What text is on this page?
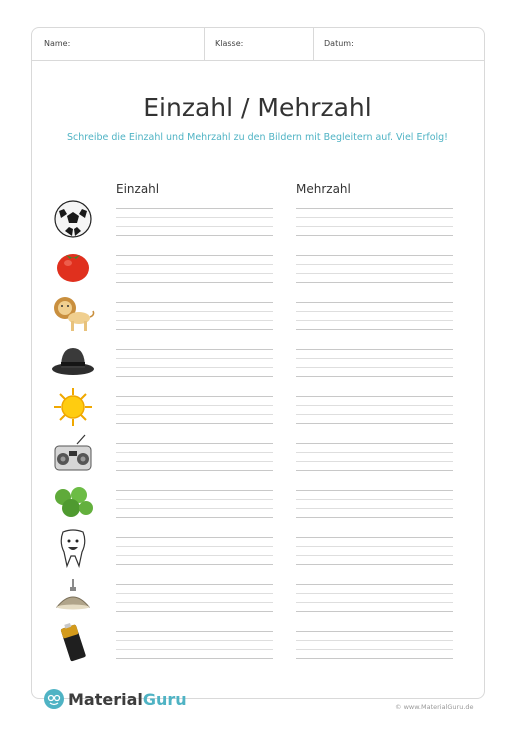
Name:	Klasse:	Datum:
Einzahl / Mehrzahl
Schreibe die Einzahl und Mehrzahl zu den Bildern mit Begleitern auf. Viel Erfolg!
Einzahl	Mehrzahl
MaterialGuru	© www.MaterialGuru.de
